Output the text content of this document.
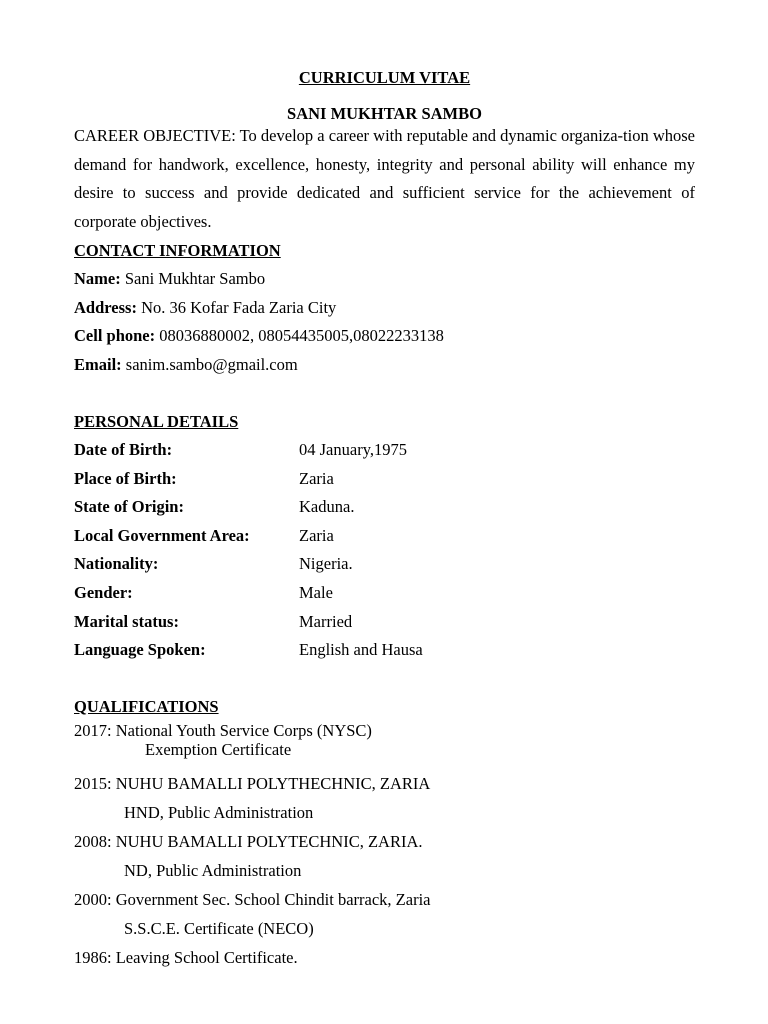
CURRICULUM VITAE

SANI MUKHTAR SAMBO

CAREER OBJECTIVE: To develop a career with reputable and dynamic organiza-tion whose demand for handwork, excellence, honesty, integrity and personal ability will enhance my desire to success and provide dedicated and sufficient service for the achievement of corporate objectives.

CONTACT INFORMATION

Name: Sani Mukhtar Sambo

Address: No. 36 Kofar Fada Zaria City

Cell phone: 08036880002, 08054435005,08022233138

Email: sanim.sambo@gmail.com

PERSONAL DETAILS

Date of Birth:	04 January,1975
Place of Birth:	Zaria
State of Origin:	Kaduna.
Local Government Area:	Zaria
Nationality:	Nigeria.
Gender:	Male
Marital status:	Married
Language Spoken:	English and Hausa

QUALIFICATIONS

2017: National Youth Service Corps (NYSC)

Exemption Certificate

2015: NUHU BAMALLI POLYTHECHNIC, ZARIA

HND, Public Administration

2008: NUHU BAMALLI POLYTECHNIC, ZARIA.

ND, Public Administration

2000: Government Sec. School Chindit barrack, Zaria

S.S.C.E. Certificate (NECO)

1986: Leaving School Certificate.
